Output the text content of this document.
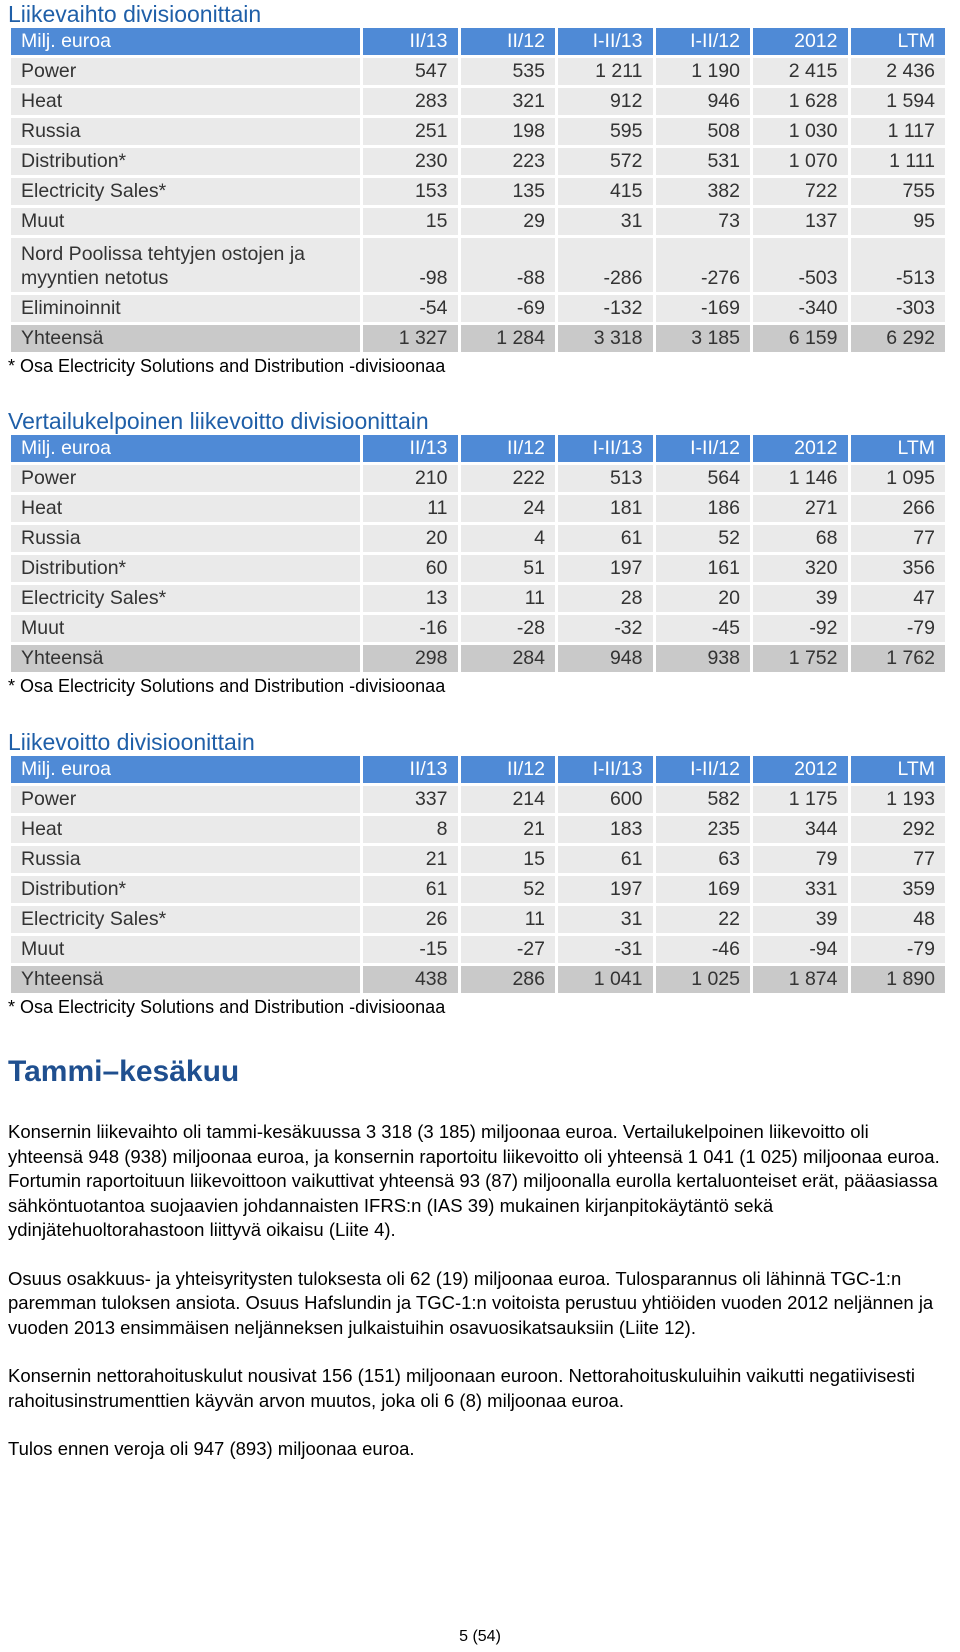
Liikevaihto divisioonittain
Milj. euroa	II/13	II/12	I-II/13	I-II/12	2012	LTM
Power	547	535	1 211	1 190	2 415	2 436
Heat	283	321	912	946	1 628	1 594
Russia	251	198	595	508	1 030	1 117
Distribution*	230	223	572	531	1 070	1 111
Electricity Sales*	153	135	415	382	722	755
Muut	15	29	31	73	137	95
Nord Poolissa tehtyjen ostojen ja myyntien netotus	-98	-88	-286	-276	-503	-513
Eliminoinnit	-54	-69	-132	-169	-340	-303
Yhteensä	1 327	1 284	3 318	3 185	6 159	6 292
* Osa Electricity Solutions and Distribution -divisioonaa
Vertailukelpoinen liikevoitto divisioonittain
Milj. euroa	II/13	II/12	I-II/13	I-II/12	2012	LTM
Power	210	222	513	564	1 146	1 095
Heat	11	24	181	186	271	266
Russia	20	4	61	52	68	77
Distribution*	60	51	197	161	320	356
Electricity Sales*	13	11	28	20	39	47
Muut	-16	-28	-32	-45	-92	-79
Yhteensä	298	284	948	938	1 752	1 762
* Osa Electricity Solutions and Distribution -divisioonaa
Liikevoitto divisioonittain
Milj. euroa	II/13	II/12	I-II/13	I-II/12	2012	LTM
Power	337	214	600	582	1 175	1 193
Heat	8	21	183	235	344	292
Russia	21	15	61	63	79	77
Distribution*	61	52	197	169	331	359
Electricity Sales*	26	11	31	22	39	48
Muut	-15	-27	-31	-46	-94	-79
Yhteensä	438	286	1 041	1 025	1 874	1 890
* Osa Electricity Solutions and Distribution -divisioonaa
Tammi–kesäkuu

Konsernin liikevaihto oli tammi-kesäkuussa 3 318 (3 185) miljoonaa euroa. Vertailukelpoinen liikevoitto oli yhteensä 948 (938) miljoonaa euroa, ja konsernin raportoitu liikevoitto oli yhteensä 1 041 (1 025) miljoonaa euroa. Fortumin raportoituun liikevoittoon vaikuttivat yhteensä 93 (87) miljoonalla eurolla kertaluonteiset erät, pääasiassa sähköntuotantoa suojaavien johdannaisten IFRS:n (IAS 39) mukainen kirjanpitokäytäntö sekä ydinjätehuoltorahastoon liittyvä oikaisu (Liite 4).

Osuus osakkuus- ja yhteisyritysten tuloksesta oli 62 (19) miljoonaa euroa. Tulosparannus oli lähinnä TGC-1:n paremman tuloksen ansiota. Osuus Hafslundin ja TGC-1:n voitoista perustuu yhtiöiden vuoden 2012 neljännen ja vuoden 2013 ensimmäisen neljänneksen julkaistuihin osavuosikatsauksiin (Liite 12).

Konsernin nettorahoituskulut nousivat 156 (151) miljoonaan euroon. Nettorahoituskuluihin vaikutti negatiivisesti rahoitusinstrumenttien käyvän arvon muutos, joka oli 6 (8) miljoonaa euroa.

Tulos ennen veroja oli 947 (893) miljoonaa euroa.

5 (54)
